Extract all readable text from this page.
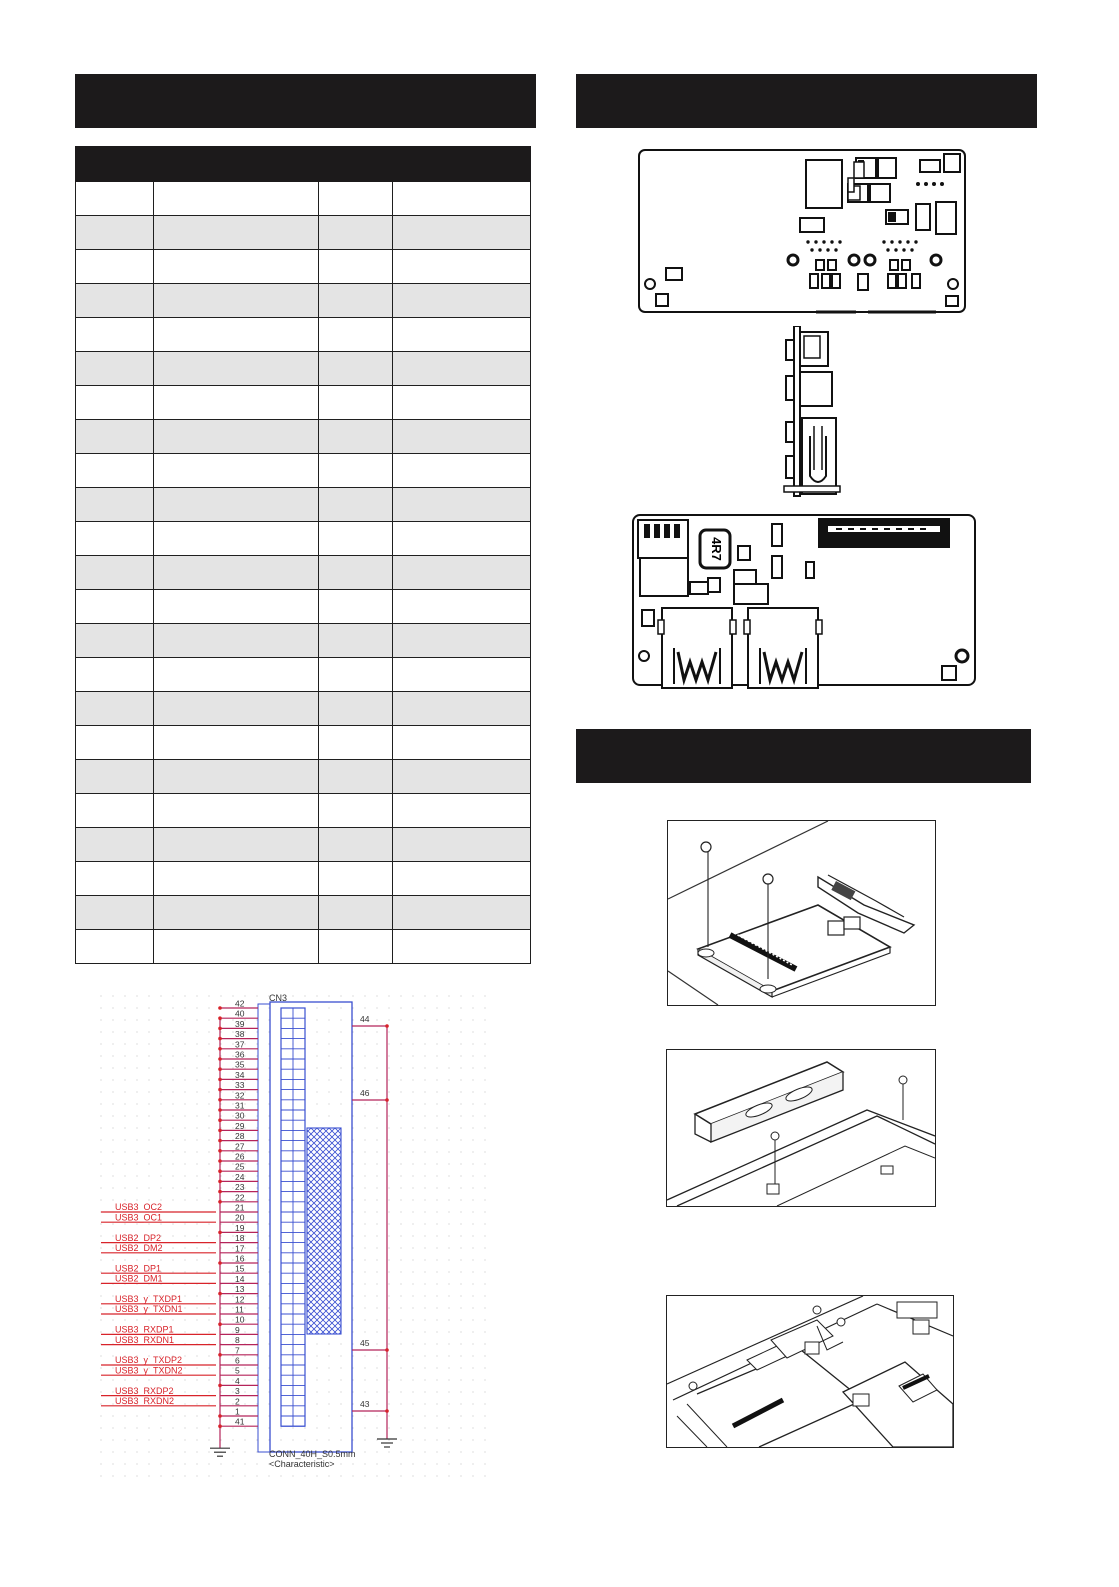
4R7
42
40
39
38
37
36
35
34
33
32
31
30
29
28
27
26
25
24
23
22
21
20
19
18
17
16
15
14
13
12
11
10
9
8
7
6
5
4
3
2
1
41
USB3_OC2
USB3_OC1
USB2_DP2
USB2_DM2
USB2_DP1
USB2_DM1
USB3_y_TXDP1
USB3_y_TXDN1
USB3_RXDP1
USB3_RXDN1
USB3_y_TXDP2
USB3_y_TXDN2
USB3_RXDP2
USB3_RXDN2
44
46
45
43
CN3
CONN_40H_S0.5mm
<Characteristic>
